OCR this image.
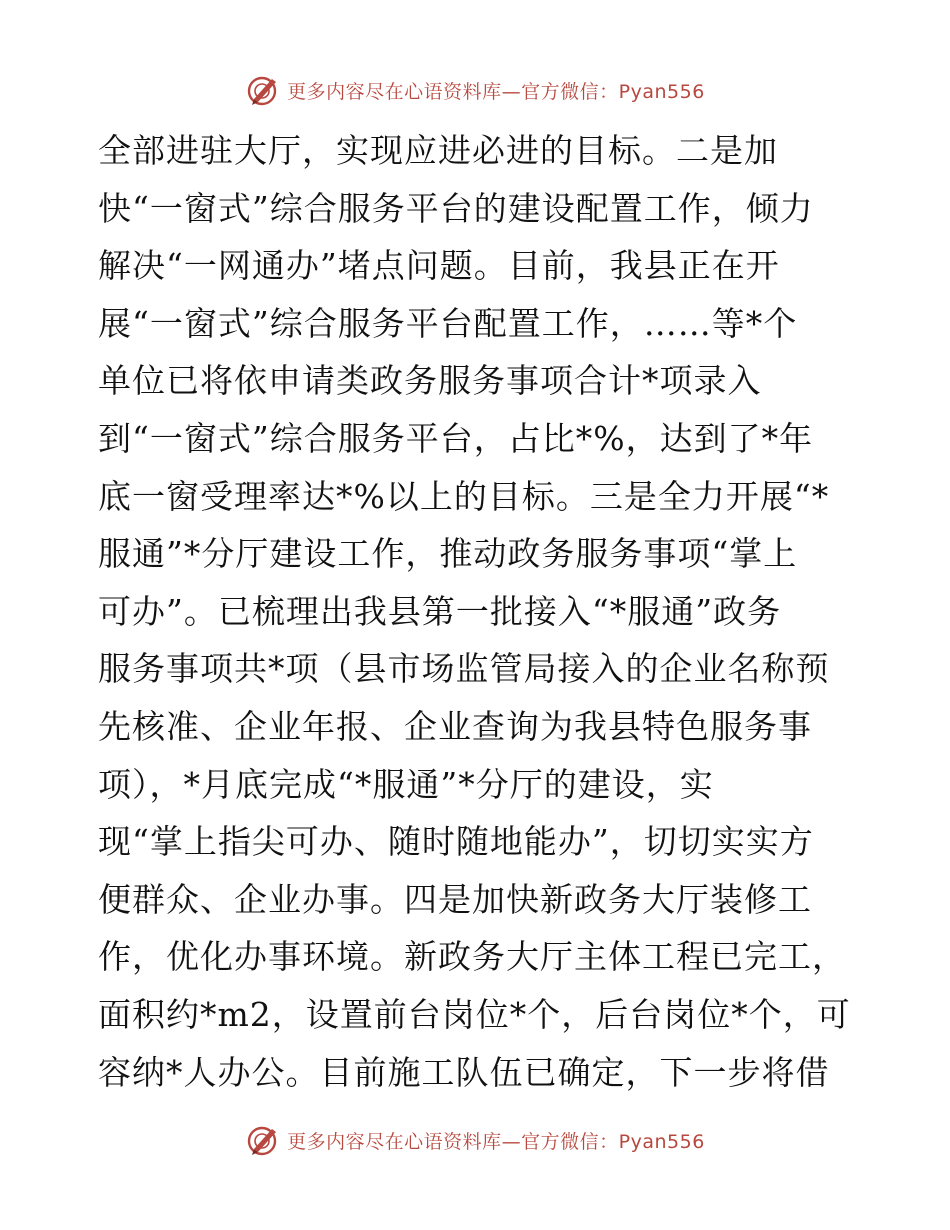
更多内容尽在心语资料库—官方微信：Pyan556
全部进驻大厅，实现应进必进的目标。二是加
快“一窗式”综合服务平台的建设配置工作，倾力
解决“一网通办”堵点问题。目前，我县正在开
展“一窗式”综合服务平台配置工作，……等*个
单位已将依申请类政务服务事项合计*项录入
到“一窗式”综合服务平台，占比*%，达到了*年
底一窗受理率达*%以上的目标。三是全力开展“*
服通”*分厅建设工作，推动政务服务事项“掌上
可办”。已梳理出我县第一批接入“*服通”政务
服务事项共*项（县市场监管局接入的企业名称预
先核准、企业年报、企业查询为我县特色服务事
项），*月底完成“*服通”*分厅的建设，实
现“掌上指尖可办、随时随地能办”，切切实实方
便群众、企业办事。四是加快新政务大厅装修工
作，优化办事环境。新政务大厅主体工程已完工，
面积约*m2，设置前台岗位*个，后台岗位*个，可
容纳*人办公。目前施工队伍已确定，下一步将借
更多内容尽在心语资料库—官方微信：Pyan556
